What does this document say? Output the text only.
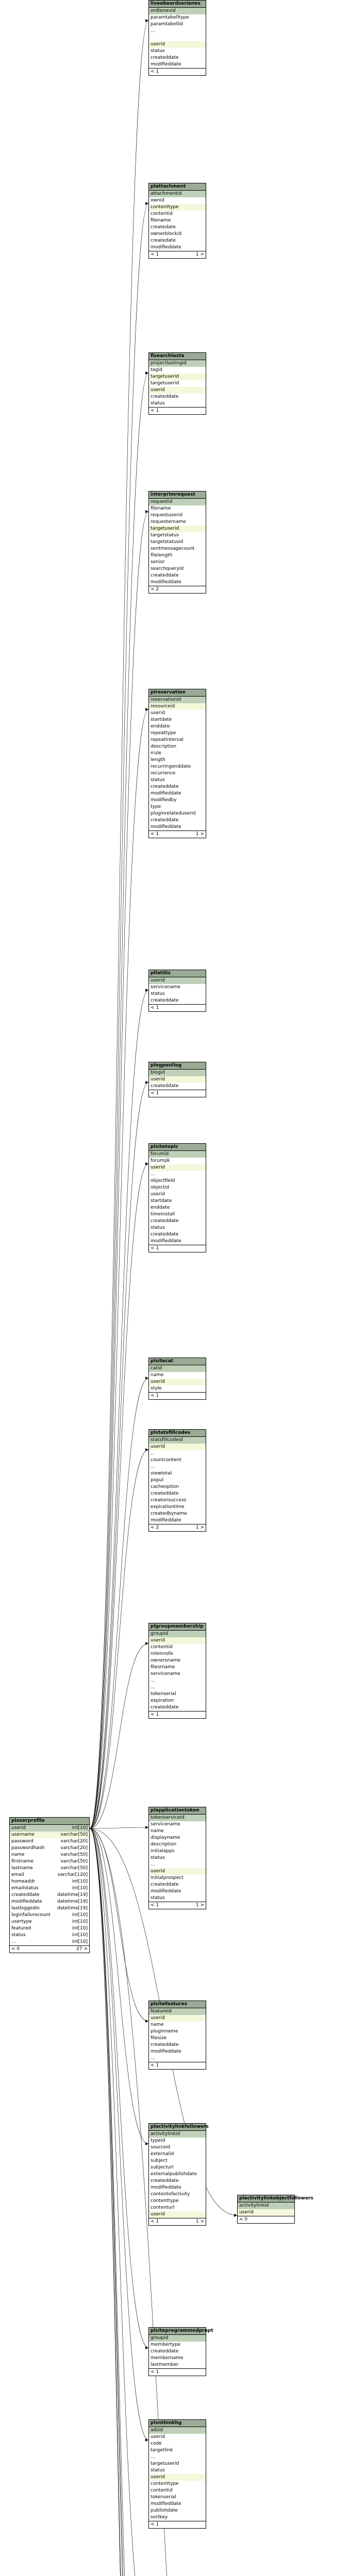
liveaboardserienes
ordtenevid
paramtabelltype
paramtabellid
...

userid
status
createddate
modifieddate
< 1
plattachment
attachmentid
ownid
contenttype
contentid
filename
createdate
ownerblockid
createdate
modifieddate
< 1	1 >
fisearchlasta
projectlastingid
tagid
targetuserid
targetuserid
userid
createddate
status
< 1
interprimrequest
requestid
filename
requestuserid
requestername
targetuserid
targetstatus
targetstatusid
sentmessagecount
filelength
senior
searchqueryid
createddate
modifieddate
< 2
plreservation
reservationid
resourceid
userid
startdate
enddate
repeattype
repeatinterval
description
rrule
length
recurringenddate
recurrence
status
createddate
modifieddate
modifiedby
type
pluginrelateduserid
createddate
modifieddate
< 1	1 >
pllatitis
userid
servicename
status
createddate
< 1
plogpostlog
blogid
userid
createddate
< 1
plsitetopic
forumid
forumpk
userid
...
objectfield
objectid
userid
startdate
enddate
timeinstall
createddate
status
createddate
modifieddate
< 1
plsitecat
catid
name
userid
style
< 1
plstatsfillcodes
statsfillcodeid
userid
..
countcontent
...
viewtotal
popul
cacheoption
createddate
creatonsuccess
expirationtime
createdbyname
modifieddate
< 2	1 >
plgroupmembership
groupid
userid
contentid
roleinrolls
ownersname
filesrname
servicename
...
...
tokenserial
expiration
createddate
< 1
plapplicationtoken
tokenserviceid
servicename
name
displayname
description
initialapps
status
...
userid
initialprospect
createddate
modifieddate
status
< 1	1 >
plsitefeatures
featureid
userid
name
pluginname
filesize
createddate
modifieddate
...
< 1
pluserprofile
userid	int[10]
username	varchar[50]
password	varchar[20]
passwordhash	varchar[20]
name	varchar[50]
firstname	varchar[50]
lastname	varchar[50]
email	varchar[120]
homeaddr	int[10]
emailstatus	int[10]
createddate	datetime[19]
modifieddate	datetime[19]
lastloggedin	datetime[19]
loginfailurecount	int[10]
usertype	int[10]
featured	int[10]
status	int[10]
...	int[10]
< 0	27 >
plactivitylinkfollowers
activitylinkid
typeid
sourceid
externalid
subject
subjecturl
externalpublishdate
createddate
modifieddate
contentofactivity
contenttype
contenturl
userid
< 1	1 >
plactivitylinkobjectfollowers
activitylinkid
userid
< 0
plsiteprogrammedpropt
groupid
membertype
createddate
membername
lastmember
< 1
plsnthinkhg
adsid
userid
code
targetlink
...
targetuserid
status
userid
contenttype
contentid
tokenserial
modifieddate
publishdate
sortkey
< 1
